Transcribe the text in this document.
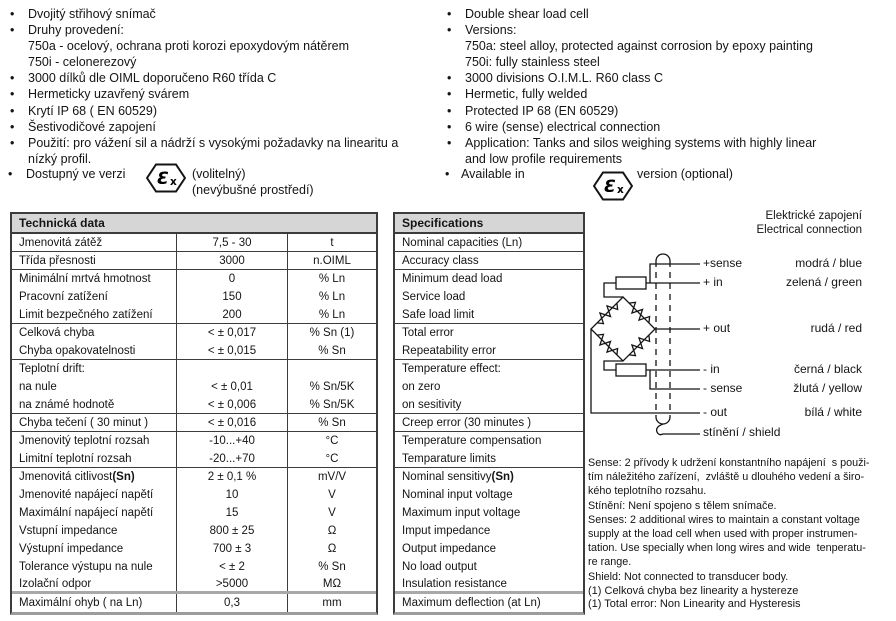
•	Dvojitý střihový snímač
•	Druhy provedení:
750a - ocelový, ochrana proti korozi epoxydovým nátěrem
750i - celonerezový
•	3000 dílků dle OIML doporučeno R60 třída C
•	Hermeticky uzavřený svárem
•	Krytí IP 68 ( EN 60529)
•	Šestivodičové zapojení
•	Použití: pro vážení sil a nádrží s vysokými požadavky na linearitu a
nízký profil.
•	Double shear load cell
•	Versions:
750a: steel alloy, protected against corrosion by epoxy painting
750i: fully stainless steel
•	3000 divisions O.I.M.L. R60 class C
•	Hermetic, fully welded
•	Protected IP 68 (EN 60529)
•	6 wire (sense) electrical connection
•	Application: Tanks and silos weighing systems with highly linear
and low profile requirements
• Dostupný ve verzi Ɛ x
(volitelný)
(nevýbušné prostředí)
• Available in
Ɛ x
version (optional)
Technická data
Jmenovitá zátěž	7,5 - 30	t
Třída přesnosti	3000	n.OIML
Minimální mrtvá hmotnost	0	% Ln
Pracovní zatížení	150	% Ln
Limit bezpečného zatížení	200	% Ln
Celková chyba	< ± 0,017	% Sn (1)
Chyba opakovatelnosti	< ± 0,015	% Sn
Teplotní drift:
na nule	< ± 0,01	% Sn/5K
na známé hodnotě	< ± 0,006	% Sn/5K
Chyba tečení ( 30 minut )	< ± 0,016	% Sn
Jmenovitý teplotní rozsah	-10...+40	°C
Limitní teplotní rozsah	-20...+70	°C
Jmenovitá citlivost (Sn)	2 ± 0,1 %	mV/V
Jmenovité napájecí napětí	10	V
Maximální napájecí napětí	15	V
Vstupní impedance	800 ± 25	Ω
Výstupní impedance	700 ± 3	Ω
Tolerance výstupu na nule	< ± 2	% Sn
Izolační odpor	>5000	MΩ
Maximální ohyb ( na Ln)	0,3	mm
Specifications
Nominal capacities (Ln)
Accuracy class
Minimum dead load
Service load
Safe load limit
Total error
Repeatability error
Temperature effect:
on zero
on sesitivity
Creep error (30 minutes )
Temperature compensation
Temparature limits
Nominal sensitivy (Sn)
Nominal input voltage
Maximum input voltage
Imput impedance
Output impedance
No load output
Insulation resistance
Maximum deflection (at Ln)
Elektrické zapojení
Electrical connection
+sense	modrá / blue
+ in	zelená / green
+ out	rudá / red
- in	černá / black
- sense	žlutá / yellow
- out	bílá / white
stínění / shield
Sense: 2 přívody k udržení konstantního napájení  s použi-
tím náležitého zařízení,  zvláště u dlouhého vedení a širo-
kého teplotního rozsahu.
Stínění: Není spojeno s tělem snímače.
Senses: 2 additional wires to maintain a constant voltage
supply at the load cell when used with proper instrumen-
tation. Use specially when long wires and wide  tenperatu-
re range.
Shield: Not connected to transducer body.
(1) Celková chyba bez linearity a hystereze
(1) Total error: Non Linearity and Hysteresis
